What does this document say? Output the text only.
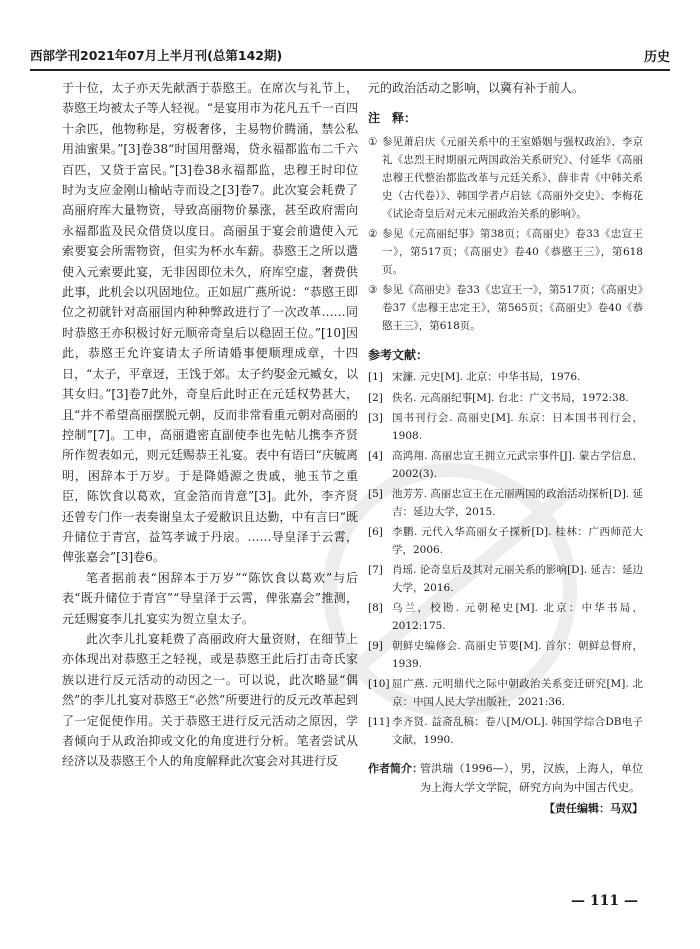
西部学刊2021年07月上半月刊(总第142期)	历史

于十位，太子亦天先献酒于恭愍王。在席次与礼节上，恭愍王均被太子等人轻视。“是宴用市为花凡五千一百四十余匹，他物称是，穷极奢侈，主易物价腾涌，禁公私用油蜜果。”[3]卷38“时国用罄竭，贷永福都监布二千六百匹，又贷于富民。”[3]卷38永福都监，忠穆王时印位时为支应金刚山榆岾寺而设之[3]卷7。此次宴会耗费了高丽府库大量物资，导致高丽物价暴涨，甚至政府需向永福都监及民众借贷以度日。高丽虽于宴会前遣使入元索要宴会所需物资，但实为杯水车薪。恭愍王之所以遣使入元索要此宴，无非因即位未久，府库空虚，奢费供此事，此机会以巩固地位。正如屈广燕所说：“恭愍王即位之初就针对高丽国内种种弊政进行了一次改革……同时恭愍王亦积极讨好元顺帝奇皇后以稳固王位。”[10]因此，恭愍王允许宴请太子所请婚事便顺理成章，十四日，“太子，平章迓，王饯于郊。太子约娶金元臧女，以其女归。”[3]卷7此外，奇皇后此时正在元廷权势甚大，且“并不希望高丽摆脱元朝，反而非常看重元朝对高丽的控制”[7]。工申，高丽遣密直副使李也先帖儿携李齐贤所作贺表如元，则元廷赐恭王礼宴。表中有语曰“庆毓离明，困辞本于万岁。于是降婚源之贵戚，驰玉节之重臣，陈饮食以葛欢，宣金箔而肯意”[3]。此外，李齐贤还曾专门作一表奏谢皇太子爱敝识且达勤，中有言曰“既升储位于青宫，益笃孝诚于丹扆。……导皇泽于云霄，俾张嘉会”[3]卷6。

笔者据前表“困辞本于万岁”“陈饮食以葛欢”与后表“既升储位于青宫”“导皇泽于云霄，俾张嘉会”推测，元廷赐宴李儿扎宴实为贺立皇太子。

此次李儿扎宴耗费了高丽政府大量资财，在细节上亦体现出对恭愍王之轻视，或是恭愍王此后打击奇氏家族以进行反元活动的动因之一。可以说，此次略显“偶然”的李儿扎宴对恭愍王“必然”所要进行的反元改革起到了一定促使作用。关于恭愍王进行反元活动之原因，学者倾向于从政治抑或文化的角度进行分析。笔者尝试从经济以及恭愍王个人的角度解释此次宴会对其进行反

元的政治活动之影响，以冀有补于前人。

注　释：
① 参见萧启庆《元丽关系中的王室婚姻与强权政治》、李京礼《忠烈王时期丽元两国政治关系研究》、付延华《高丽忠穆王代整治都监改革与元廷关系》、薛非青《中韩关系史（古代卷）》、韩国学者卢启铉《高丽外交史》、李梅花《试论奇皇后对元末元丽政治关系的影响》。
② 参见《元高丽纪事》第38页；《高丽史》卷33《忠宣王一》，第517页；《高丽史》卷40《恭愍王三》，第618页。
③ 参见《高丽史》卷33《忠宣王一》，第517页；《高丽史》卷37《忠穆王忠定王》，第565页；《高丽史》卷40《恭愍王三》，第618页。
参考文献：
[1] 宋濂. 元史[M]. 北京：中华书局，1976.
[2] 佚名. 元高丽纪事[M]. 台北：广文书局，1972:38.
[3] 国书刊行会. 高丽史[M]. 东京：日本国书刊行会，1908.
[4] 高鸿翔. 高丽忠宣王拥立元武宗事件[J]. 蒙古学信息，2002(3).
[5] 池芳芳. 高丽忠宣王在元丽两国的政治活动探析[D]. 延吉：延边大学，2015.
[6] 李鹏. 元代入华高丽女子探析[D]. 桂林：广西师范大学，2006.
[7] 肖瑶. 论奇皇后及其对元丽关系的影响[D]. 延吉：延边大学，2016.
[8] 乌兰，校勘. 元朝秘史[M]. 北京：中华书局，2012:175.
[9] 朝鲜史编修会. 高丽史节要[M]. 首尔：朝鲜总督府，1939.
[10] 屈广燕. 元明鼎代之际中朝政治关系变迁研究[M]. 北京：中国人民大学出版社，2021:36.
[11] 李齐贤. 益斋乱稿：卷八[M/OL]. 韩国学综合DB电子文献，1990.
作者简介：
管洪瑞（1996—），男，汉族，上海人，单位为上海大学文学院，研究方向为中国古代史。
【责任编辑：马双】
— 111 —
